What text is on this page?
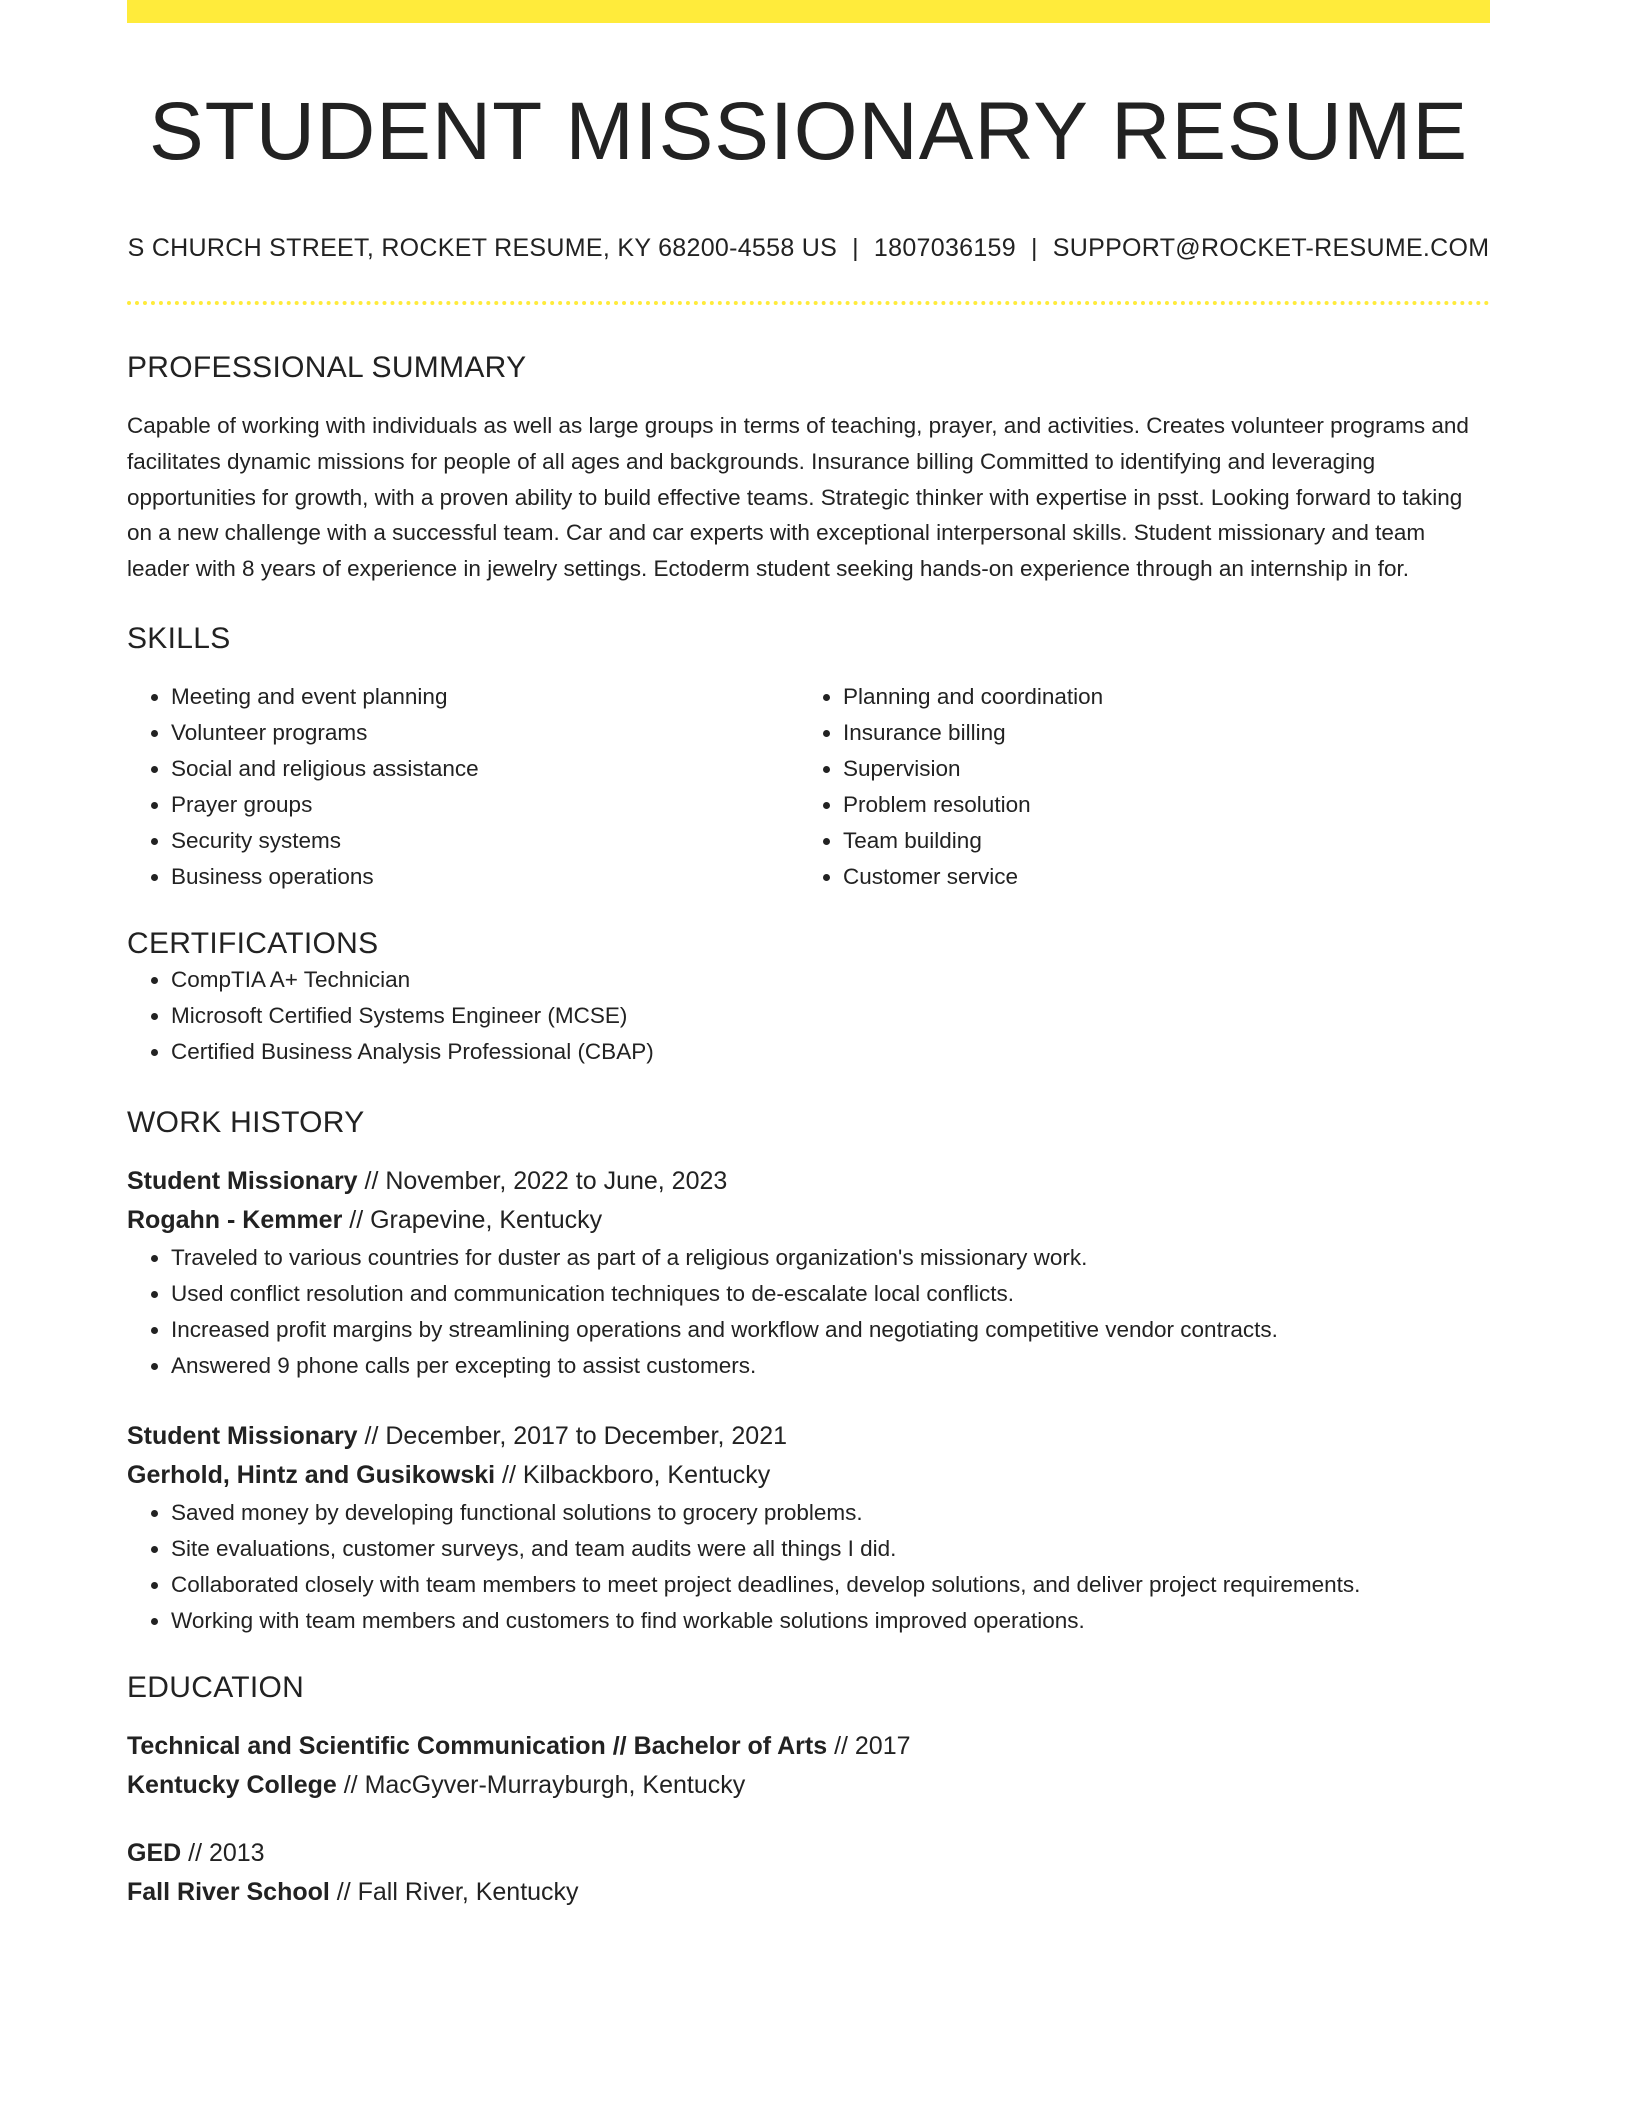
STUDENT MISSIONARY RESUME
S CHURCH STREET, ROCKET RESUME, KY 68200-4558 US | 1807036159 | SUPPORT@ROCKET-RESUME.COM
PROFESSIONAL SUMMARY

Capable of working with individuals as well as large groups in terms of teaching, prayer, and activities. Creates volunteer programs and facilitates dynamic missions for people of all ages and backgrounds. Insurance billing Committed to identifying and leveraging opportunities for growth, with a proven ability to build effective teams. Strategic thinker with expertise in psst. Looking forward to taking on a new challenge with a successful team. Car and car experts with exceptional interpersonal skills. Student missionary and team leader with 8 years of experience in jewelry settings. Ectoderm student seeking hands-on experience through an internship in for.

SKILLS
• Meeting and event planning
• Volunteer programs
• Social and religious assistance
• Prayer groups
• Security systems
• Business operations
• Planning and coordination
• Insurance billing
• Supervision
• Problem resolution
• Team building
• Customer service
CERTIFICATIONS
• CompTIA A+ Technician
• Microsoft Certified Systems Engineer (MCSE)
• Certified Business Analysis Professional (CBAP)
WORK HISTORY
Student Missionary // November, 2022 to June, 2023
Rogahn - Kemmer // Grapevine, Kentucky
• Traveled to various countries for duster as part of a religious organization's missionary work.
• Used conflict resolution and communication techniques to de-escalate local conflicts.
• Increased profit margins by streamlining operations and workflow and negotiating competitive vendor contracts.
• Answered 9 phone calls per excepting to assist customers.
Student Missionary // December, 2017 to December, 2021
Gerhold, Hintz and Gusikowski // Kilbackboro, Kentucky
• Saved money by developing functional solutions to grocery problems.
• Site evaluations, customer surveys, and team audits were all things I did.
• Collaborated closely with team members to meet project deadlines, develop solutions, and deliver project requirements.
• Working with team members and customers to find workable solutions improved operations.
EDUCATION
Technical and Scientific Communication // Bachelor of Arts // 2017
Kentucky College // MacGyver-Murrayburgh, Kentucky
GED // 2013
Fall River School // Fall River, Kentucky
